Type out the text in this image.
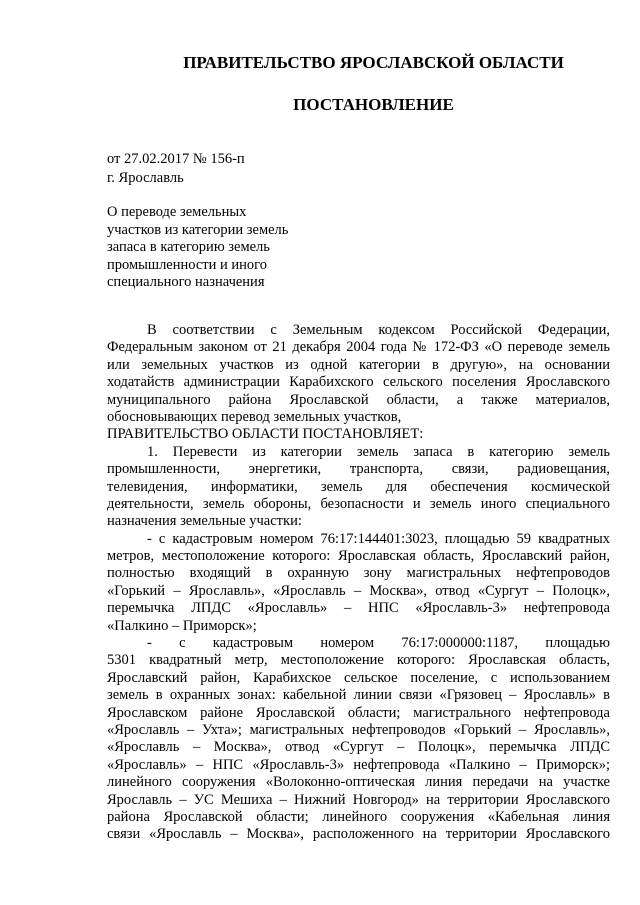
ПРАВИТЕЛЬСТВО ЯРОСЛАВСКОЙ ОБЛАСТИ
ПОСТАНОВЛЕНИЕ
от 27.02.2017 № 156-п
г. Ярославль
О переводе земельных
участков из категории земель
запаса в категорию земель
промышленности и иного
специального назначения
В соответствии с Земельным кодексом Российской Федерации,
Федеральным законом от 21 декабря 2004 года № 172-ФЗ «О переводе земель
или земельных участков из одной категории в другую», на основании
ходатайств администрации Карабихского сельского поселения Ярославского
муниципального района Ярославской области, а также материалов,
обосновывающих перевод земельных участков,
ПРАВИТЕЛЬСТВО ОБЛАСТИ ПОСТАНОВЛЯЕТ:
1. Перевести из категории земель запаса в категорию земель
промышленности, энергетики, транспорта, связи, радиовещания,
телевидения, информатики, земель для обеспечения космической
деятельности, земель обороны, безопасности и земель иного специального
назначения земельные участки:
- с кадастровым номером 76:17:144401:3023, площадью 59 квадратных
метров, местоположение которого: Ярославская область, Ярославский район,
полностью входящий в охранную зону магистральных нефтепроводов
«Горький – Ярославль», «Ярославль – Москва», отвод «Сургут – Полоцк»,
перемычка ЛПДС «Ярославль» – НПС «Ярославль-3» нефтепровода
«Палкино – Приморск»;
- с кадастровым номером 76:17:000000:1187, площадью
5301 квадратный метр, местоположение которого: Ярославская область,
Ярославский район, Карабихское сельское поселение, с использованием
земель в охранных зонах: кабельной линии связи «Грязовец – Ярославль» в
Ярославском районе Ярославской области; магистрального нефтепровода
«Ярославль – Ухта»; магистральных нефтепроводов «Горький – Ярославль»,
«Ярославль – Москва», отвод «Сургут – Полоцк», перемычка ЛПДС
«Ярославль» – НПС «Ярославль-3» нефтепровода «Палкино – Приморск»;
линейного сооружения «Волоконно-оптическая линия передачи на участке
Ярославль – УС Мешиха – Нижний Новгород» на территории Ярославского
района Ярославской области; линейного сооружения «Кабельная линия
связи «Ярославль – Москва», расположенного на территории Ярославского
